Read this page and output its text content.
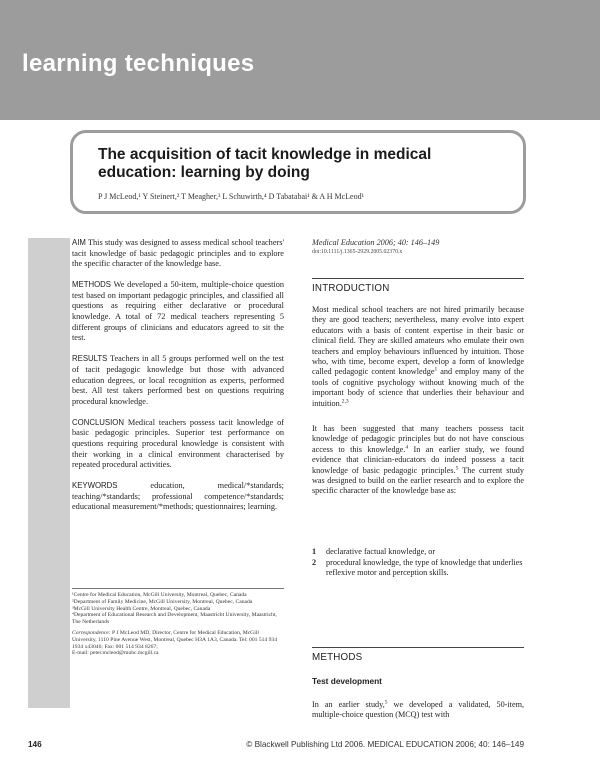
learning techniques
The acquisition of tacit knowledge in medical education: learning by doing
P J McLeod,¹ Y Steinert,² T Meagher,³ L Schuwirth,⁴ D Tabatabai¹ & A H McLeod¹

AIM This study was designed to assess medical school teachers' tacit knowledge of basic pedagogic principles and to explore the specific character of the knowledge base.

METHODS We developed a 50-item, multiple-choice question test based on important pedagogic principles, and classified all questions as requiring either declarative or procedural knowledge. A total of 72 medical teachers representing 5 different groups of clinicians and educators agreed to sit the test.

RESULTS Teachers in all 5 groups performed well on the test of tacit pedagogic knowledge but those with advanced education degrees, or local recognition as experts, performed best. All test takers performed best on questions requiring procedural knowledge.

CONCLUSION Medical teachers possess tacit knowledge of basic pedagogic principles. Superior test performance on questions requiring procedural knowledge is consistent with their working in a clinical environment characterised by repeated procedural activities.

KEYWORDS	education, medical/*standards; teaching/*standards; professional competence/*standards; educational measurement/*methods; questionnaires; learning.

¹Centre for Medical Education, McGill University, Montreal, Quebec, Canada
²Department of Family Medicine, McGill University, Montreal, Quebec, Canada
³McGill University Health Centre, Montreal, Quebec, Canada
⁴Department of Educational Research and Development, Maastricht University, Maastricht, The Netherlands
Correspondence: P J McLeod MD, Director, Centre for Medical Education, McGill University, 1110 Pine Avenue West, Montreal, Quebec H3A 1A3, Canada. Tel: 001 514 934 1934 x43046; Fax: 001 514 934 8267;
E-mail: peter.mcleod@muhc.mcgill.ca
Medical Education 2006; 40: 146–149
doi:10.1111/j.1365-2929.2005.02370.x
INTRODUCTION

Most medical school teachers are not hired primarily because they are good teachers; nevertheless, many evolve into expert educators with a basis of content expertise in their basic or clinical field. They are skilled amateurs who emulate their own teachers and employ behaviours influenced by intuition. Those who, with time, become expert, develop a form of knowledge called pedagogic content knowledge$^1$ and employ many of the tools of cognitive psychology without knowing much of the important body of science that underlies their behaviour and intuition.$^{2,3}$

It has been suggested that many teachers possess tacit knowledge of pedagogic principles but do not have conscious access to this knowledge.$^4$ In an earlier study, we found evidence that clinician-educators do indeed possess a tacit knowledge of basic pedagogic principles.$^5$ The current study was designed to build on the earlier research and to explore the specific character of the knowledge base as:

1 declarative factual knowledge, or
2 procedural knowledge, the type of knowledge that underlies reflexive motor and perception skills.
METHODS
Test development

In an earlier study,$^5$ we developed a validated, 50-item, multiple-choice question (MCQ) test with

146	© Blackwell Publishing Ltd 2006. MEDICAL EDUCATION 2006; 40: 146–149
